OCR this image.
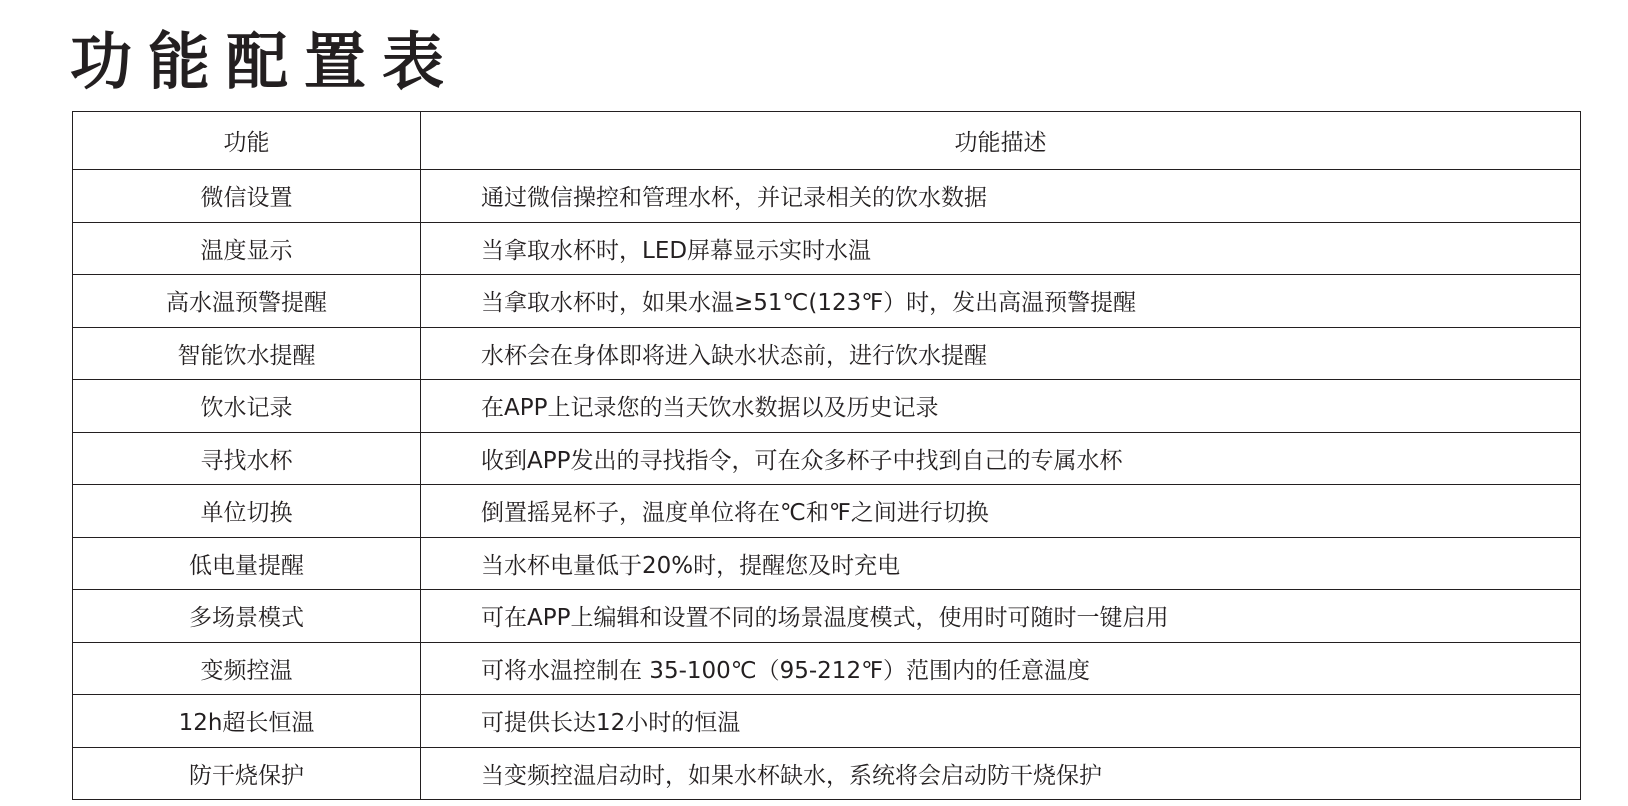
功能配置表
功能	功能描述
微信设置	通过微信操控和管理水杯，并记录相关的饮水数据
温度显示	当拿取水杯时，LED屏幕显示实时水温
高水温预警提醒	当拿取水杯时，如果水温≥51℃(123℉）时，发出高温预警提醒
智能饮水提醒	水杯会在身体即将进入缺水状态前，进行饮水提醒
饮水记录	在APP上记录您的当天饮水数据以及历史记录
寻找水杯	收到APP发出的寻找指令，可在众多杯子中找到自己的专属水杯
单位切换	倒置摇晃杯子，温度单位将在℃和℉之间进行切换
低电量提醒	当水杯电量低于20%时，提醒您及时充电
多场景模式	可在APP上编辑和设置不同的场景温度模式，使用时可随时一键启用
变频控温	可将水温控制在 35-100℃（95-212℉）范围内的任意温度
12h超长恒温	可提供长达12小时的恒温
防干烧保护	当变频控温启动时，如果水杯缺水，系统将会启动防干烧保护
